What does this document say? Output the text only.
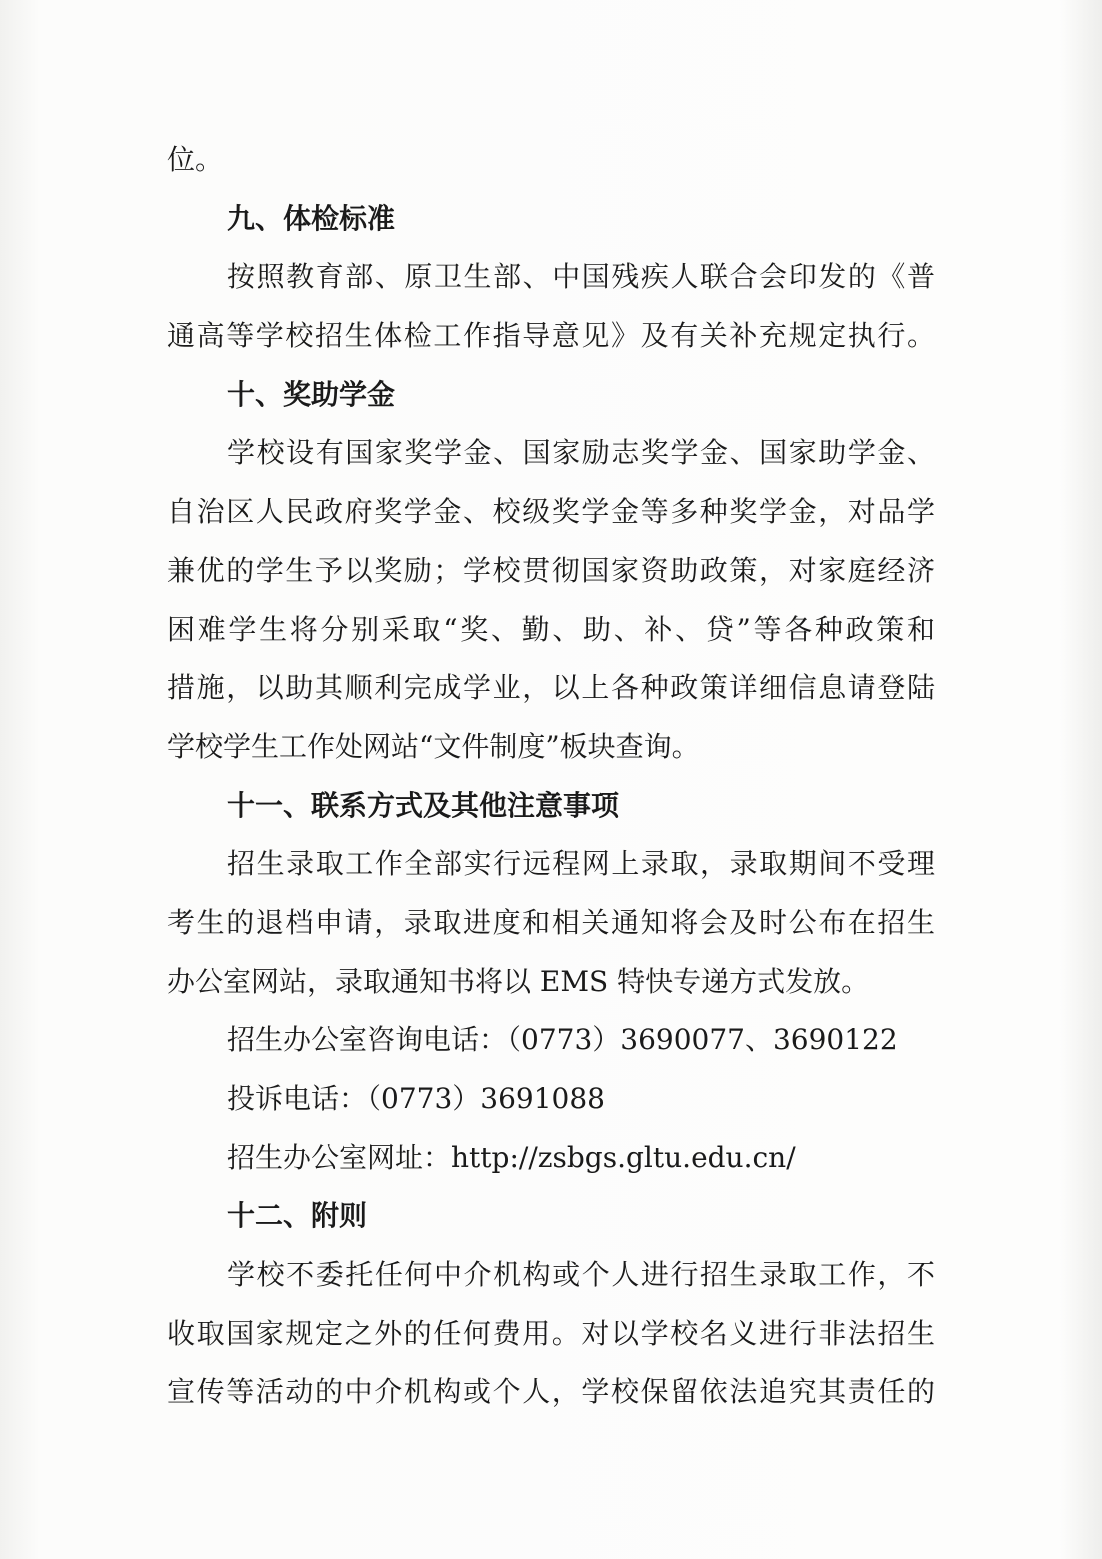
位。
九、体检标准
按照教育部、原卫生部、中国残疾人联合会印发的《普
通高等学校招生体检工作指导意见》及有关补充规定执行。
十、奖助学金
学校设有国家奖学金、国家励志奖学金、国家助学金、
自治区人民政府奖学金、校级奖学金等多种奖学金，对品学
兼优的学生予以奖励；学校贯彻国家资助政策，对家庭经济
困难学生将分别采取“奖、勤、助、补、贷”等各种政策和
措施，以助其顺利完成学业，以上各种政策详细信息请登陆
学校学生工作处网站“文件制度”板块查询。
十一、联系方式及其他注意事项
招生录取工作全部实行远程网上录取，录取期间不受理
考生的退档申请，录取进度和相关通知将会及时公布在招生
办公室网站，录取通知书将以 EMS 特快专递方式发放。
招生办公室咨询电话：（0773）3690077、3690122
投诉电话：（0773）3691088
招生办公室网址：http://zsbgs.gltu.edu.cn/
十二、附则
学校不委托任何中介机构或个人进行招生录取工作，不
收取国家规定之外的任何费用。对以学校名义进行非法招生
宣传等活动的中介机构或个人，学校保留依法追究其责任的
